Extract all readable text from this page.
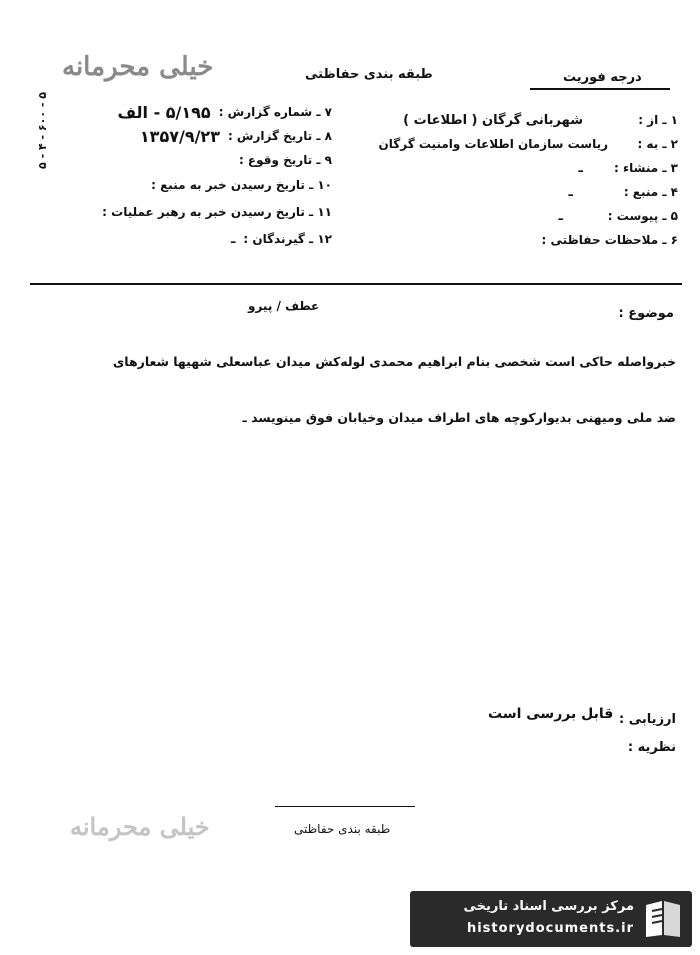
خیلی محرمانه	طبقه بندی حفاظتی	درجه فوریت
۵ - ۴ - ۶۰۰ - ۵	۱ ـ از :
شهربانی گرگان ( اطلاعات )
۲ ـ به :
ریاست سازمان اطلاعات وامنیت گرگان
۳ ـ منشاء :
ـ
۴ ـ منبع :
ـ
۵ ـ پیوست :
ـ
۶ ـ ملاحظات حفاظتی :
۷ ـ شماره گزارش :
۵/۱۹۵ - الف
۸ ـ تاریخ گزارش :
۱۳۵۷/۹/۲۳
۹ ـ تاریخ وقوع :
۱۰ ـ تاریخ رسیدن خبر به منبع :
۱۱ ـ تاریخ رسیدن خبر به رهبر عملیات :
۱۲ ـ گیرندگان :
ـ
موضوع :
عطف / پیرو
خبرواصله حاکی است شخصی بنام ابراهیم محمدی لوله‌کش میدان عباسعلی شهیها شعارهای
ضد ملی ومیهنی بدیوارکوچه های اطراف میدان وخیابان فوق مینویسد ـ
ارزیابی :
قابل بررسی است
نظریه :
طبقه بندی حفاظتی
خیلی محرمانه
مرکز بررسی اسناد تاریخی
historydocuments.ir
